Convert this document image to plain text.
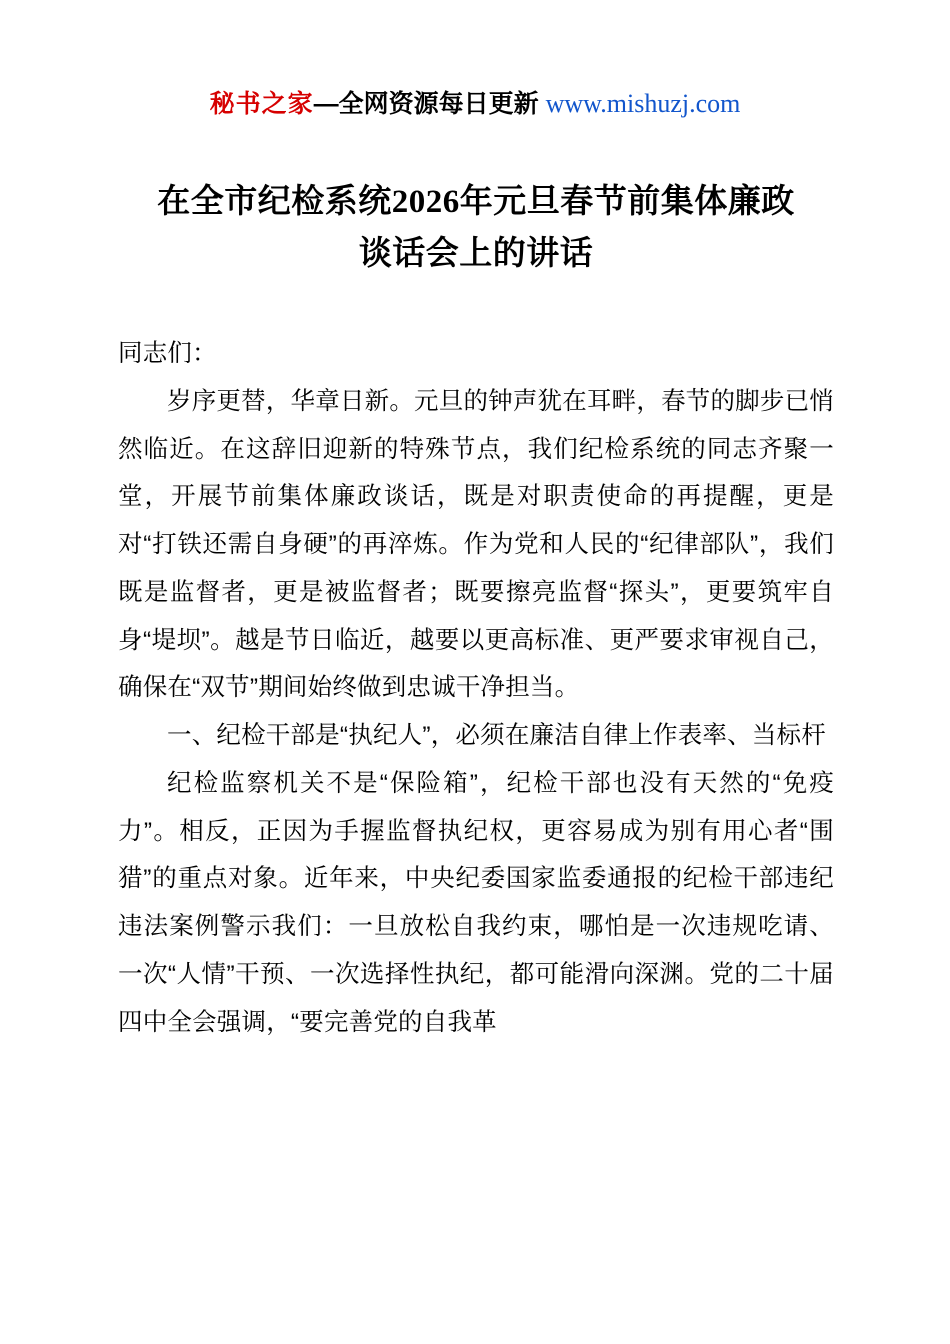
秘书之家—全网资源每日更新 www.mishuzj.com
在全市纪检系统2026年元旦春节前集体廉政
谈话会上的讲话

同志们：

岁序更替，华章日新。元旦的钟声犹在耳畔，春节的脚步已悄然临近。在这辞旧迎新的特殊节点，我们纪检系统的同志齐聚一堂，开展节前集体廉政谈话，既是对职责使命的再提醒，更是对“打铁还需自身硬”的再淬炼。作为党和人民的“纪律部队”，我们既是监督者，更是被监督者；既要擦亮监督“探头”，更要筑牢自身“堤坝”。越是节日临近，越要以更高标准、更严要求审视自己，确保在“双节”期间始终做到忠诚干净担当。

一、纪检干部是“执纪人”，必须在廉洁自律上作表率、当标杆

纪检监察机关不是“保险箱”，纪检干部也没有天然的“免疫力”。相反，正因为手握监督执纪权，更容易成为别有用心者“围猎”的重点对象。近年来，中央纪委国家监委通报的纪检干部违纪违法案例警示我们：一旦放松自我约束，哪怕是一次违规吃请、一次“人情”干预、一次选择性执纪，都可能滑向深渊。党的二十届四中全会强调，“要完善党的自我革
